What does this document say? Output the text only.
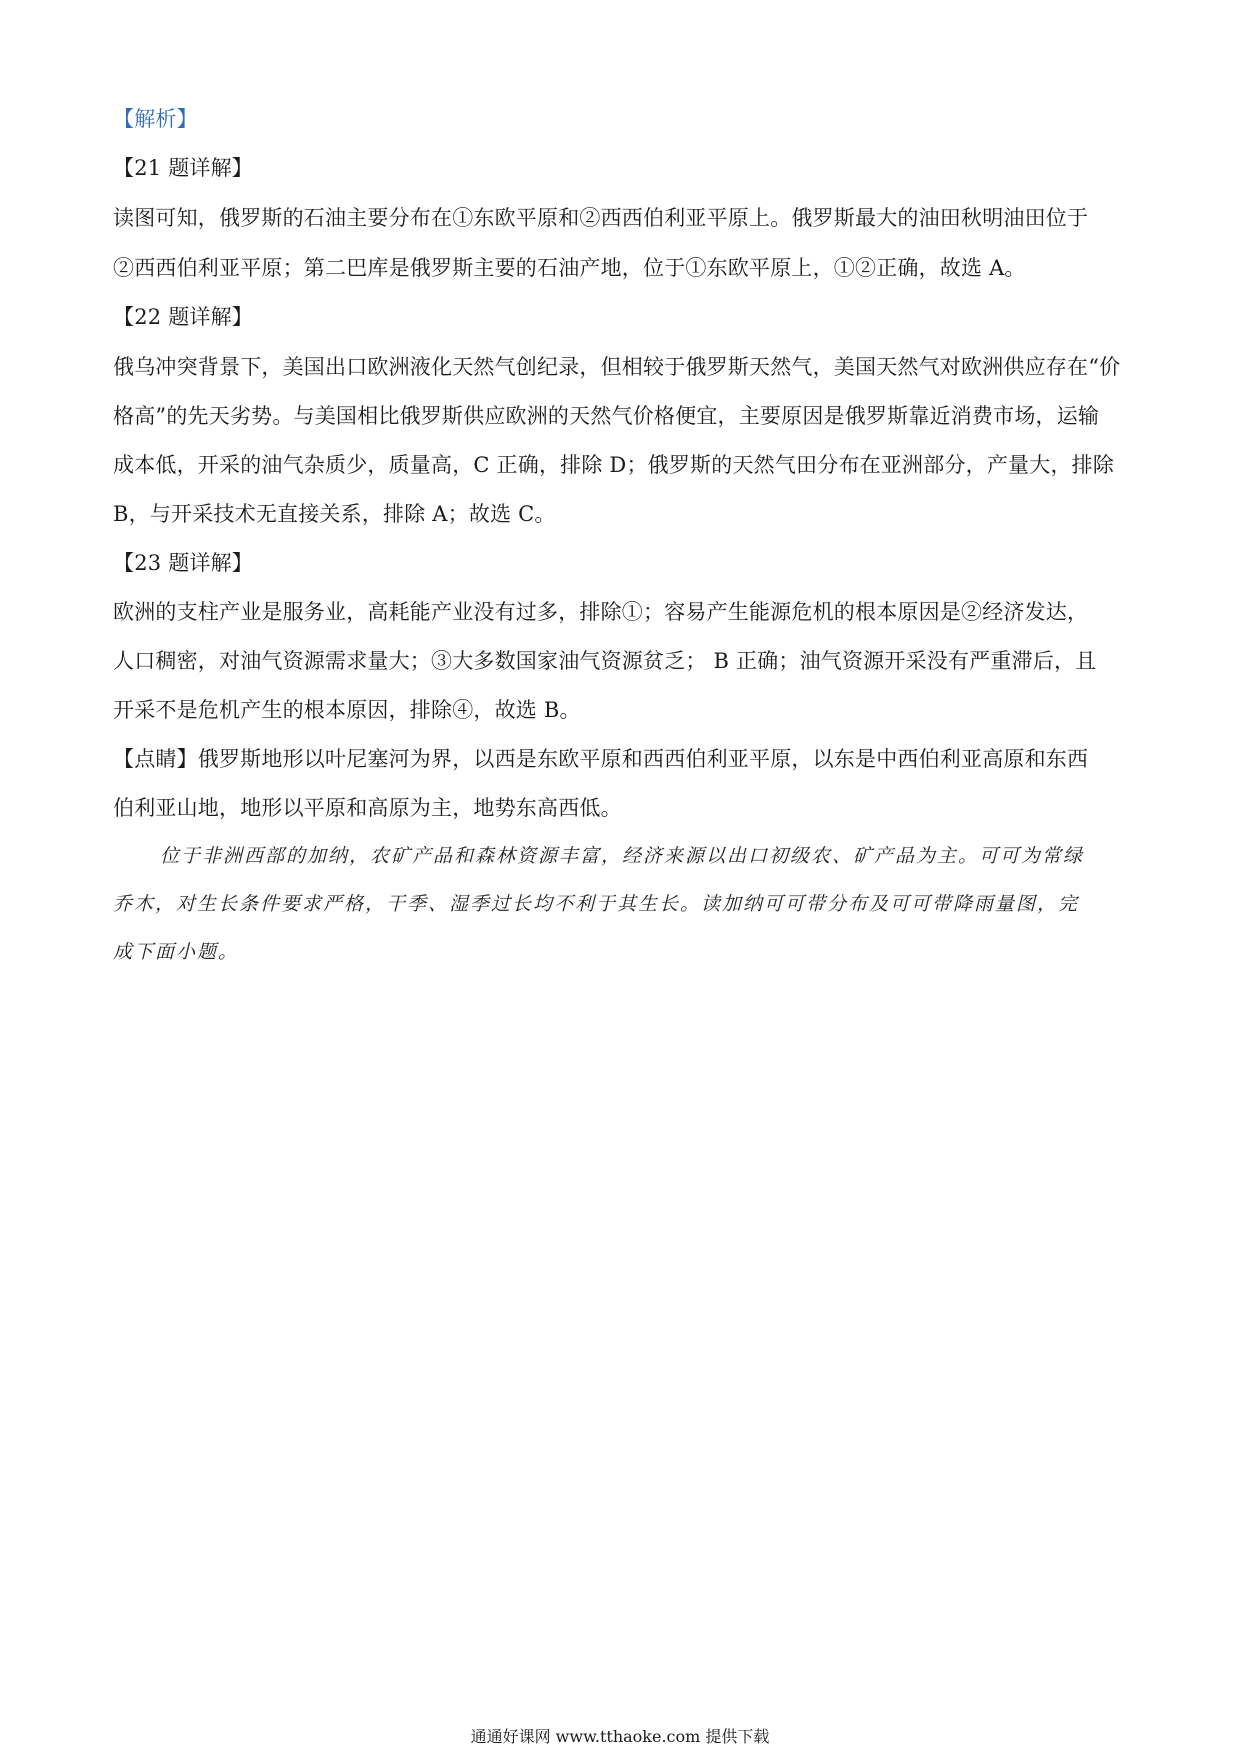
【解析】
【21 题详解】
读图可知，俄罗斯的石油主要分布在①东欧平原和②西西伯利亚平原上。俄罗斯最大的油田秋明油田位于
②西西伯利亚平原；第二巴库是俄罗斯主要的石油产地，位于①东欧平原上，①②正确，故选 A。
【22 题详解】
俄乌冲突背景下，美国出口欧洲液化天然气创纪录，但相较于俄罗斯天然气，美国天然气对欧洲供应存在“价
格高”的先天劣势。与美国相比俄罗斯供应欧洲的天然气价格便宜，主要原因是俄罗斯靠近消费市场，运输
成本低，开采的油气杂质少，质量高，C 正确，排除 D；俄罗斯的天然气田分布在亚洲部分，产量大，排除
B，与开采技术无直接关系，排除 A；故选 C。
【23 题详解】
欧洲的支柱产业是服务业，高耗能产业没有过多，排除①；容易产生能源危机的根本原因是②经济发达，
人口稠密，对油气资源需求量大；③大多数国家油气资源贫乏； B 正确；油气资源开采没有严重滞后，且
开采不是危机产生的根本原因，排除④，故选 B。
【点睛】俄罗斯地形以叶尼塞河为界，以西是东欧平原和西西伯利亚平原，以东是中西伯利亚高原和东西
伯利亚山地，地形以平原和高原为主，地势东高西低。
位于非洲西部的加纳，农矿产品和森林资源丰富，经济来源以出口初级农、矿产品为主。可可为常绿
乔木，对生长条件要求严格，干季、湿季过长均不利于其生长。读加纳可可带分布及可可带降雨量图，完
成下面小题。
通通好课网 www.tthaoke.com 提供下载
